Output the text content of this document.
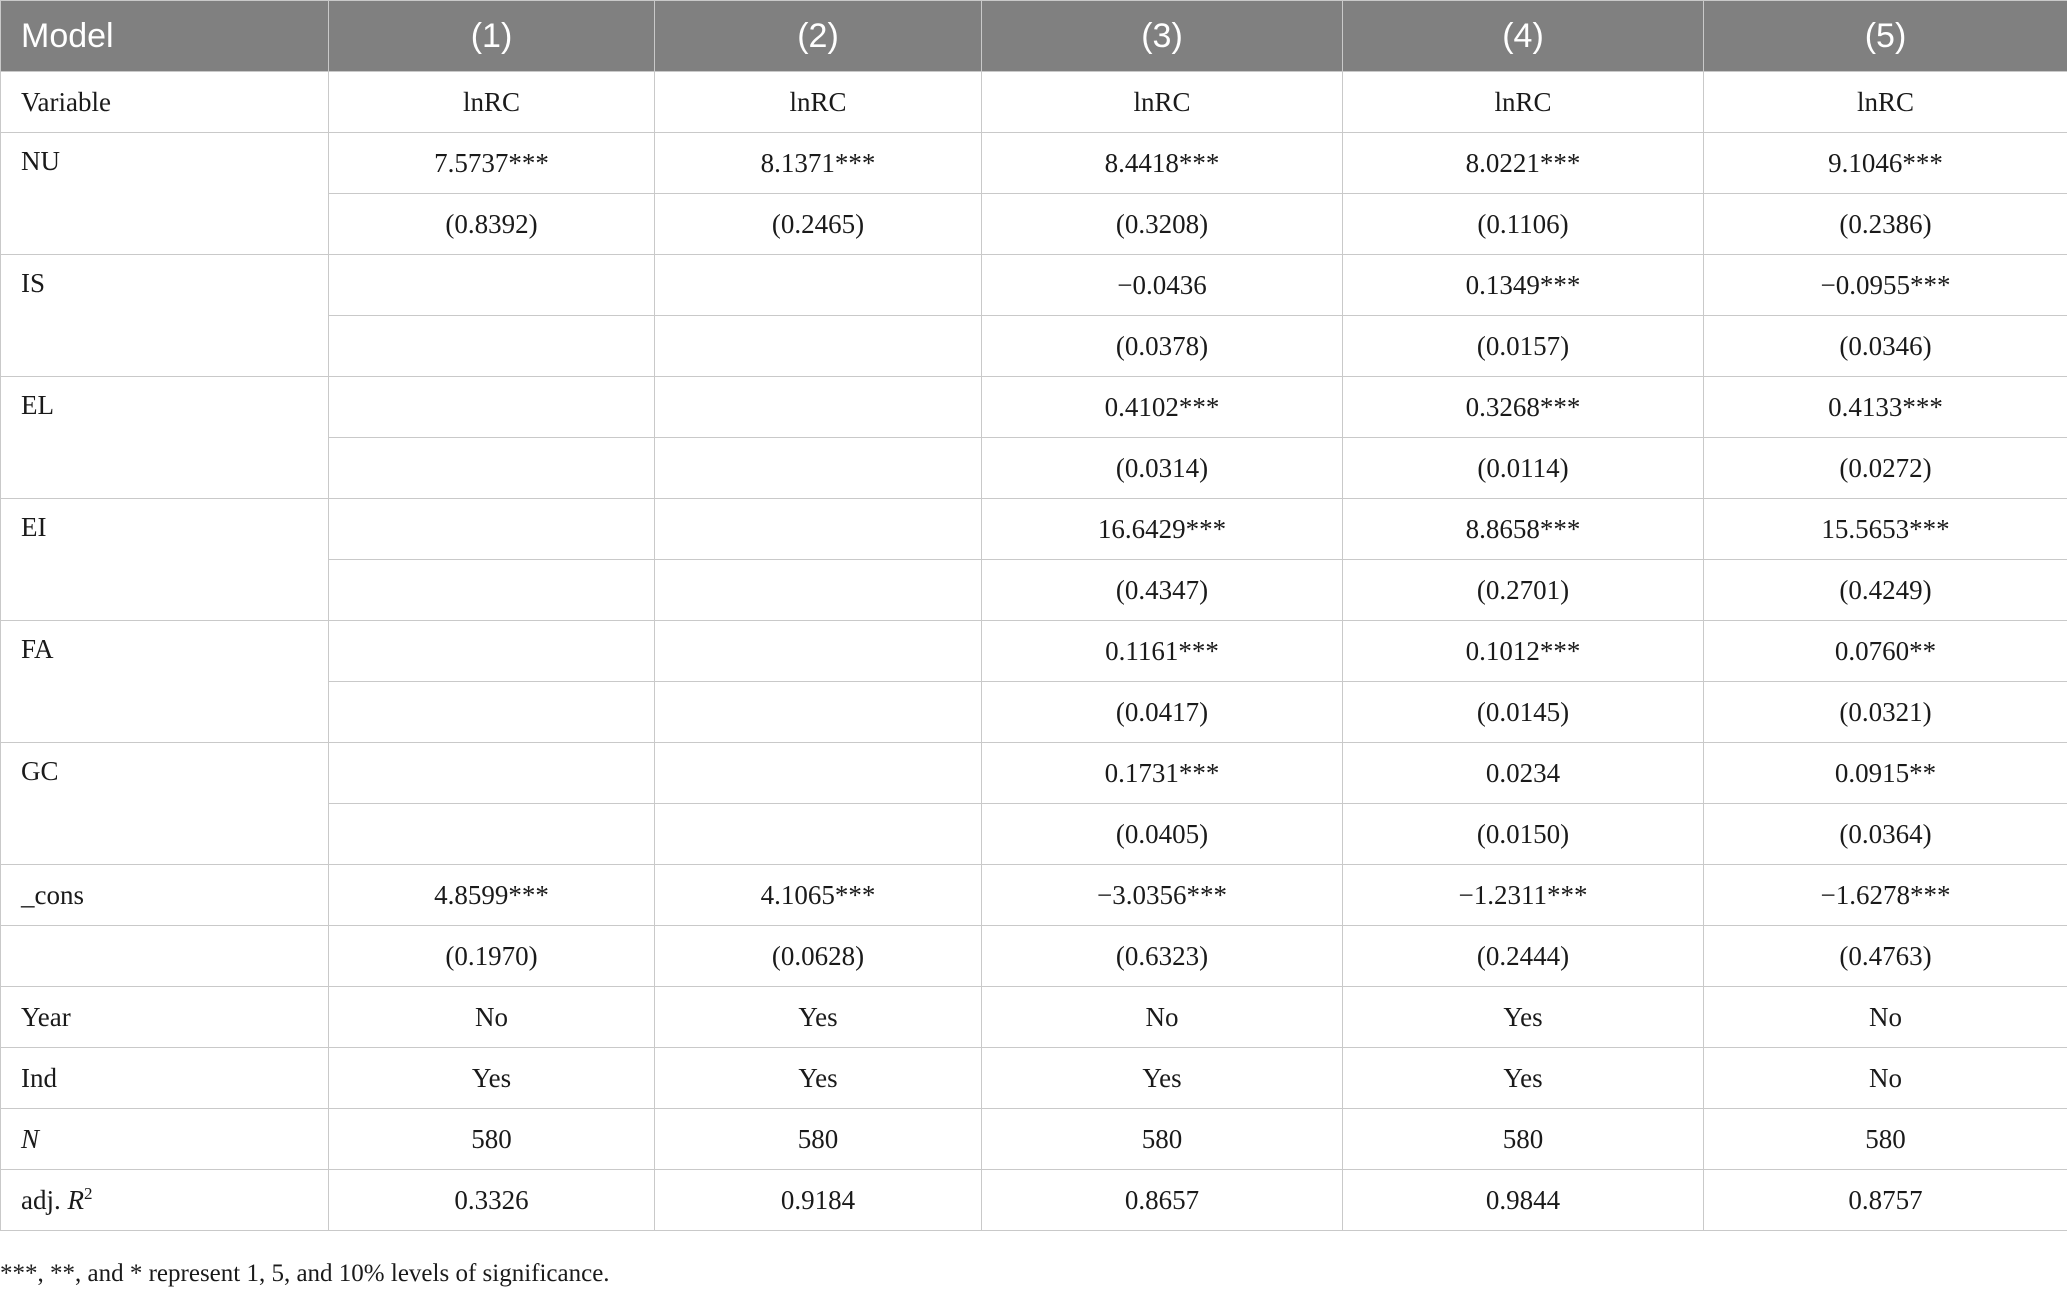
Model	(1)	(2)	(3)	(4)	(5)
Variable	lnRC	lnRC	lnRC	lnRC	lnRC
NU	7.5737***	8.1371***	8.4418***	8.0221***	9.1046***
	(0.8392)	(0.2465)	(0.3208)	(0.1106)	(0.2386)
IS			−0.0436	0.1349***	−0.0955***
			(0.0378)	(0.0157)	(0.0346)
EL			0.4102***	0.3268***	0.4133***
			(0.0314)	(0.0114)	(0.0272)
EI			16.6429***	8.8658***	15.5653***
			(0.4347)	(0.2701)	(0.4249)
FA			0.1161***	0.1012***	0.0760**
			(0.0417)	(0.0145)	(0.0321)
GC			0.1731***	0.0234	0.0915**
			(0.0405)	(0.0150)	(0.0364)
_cons	4.8599***	4.1065***	−3.0356***	−1.2311***	−1.6278***
	(0.1970)	(0.0628)	(0.6323)	(0.2444)	(0.4763)
Year	No	Yes	No	Yes	No
Ind	Yes	Yes	Yes	Yes	No
N	580	580	580	580	580
adj. $R^2$	0.3326	0.9184	0.8657	0.9844	0.8757
***, **, and * represent 1, 5, and 10% levels of significance.
